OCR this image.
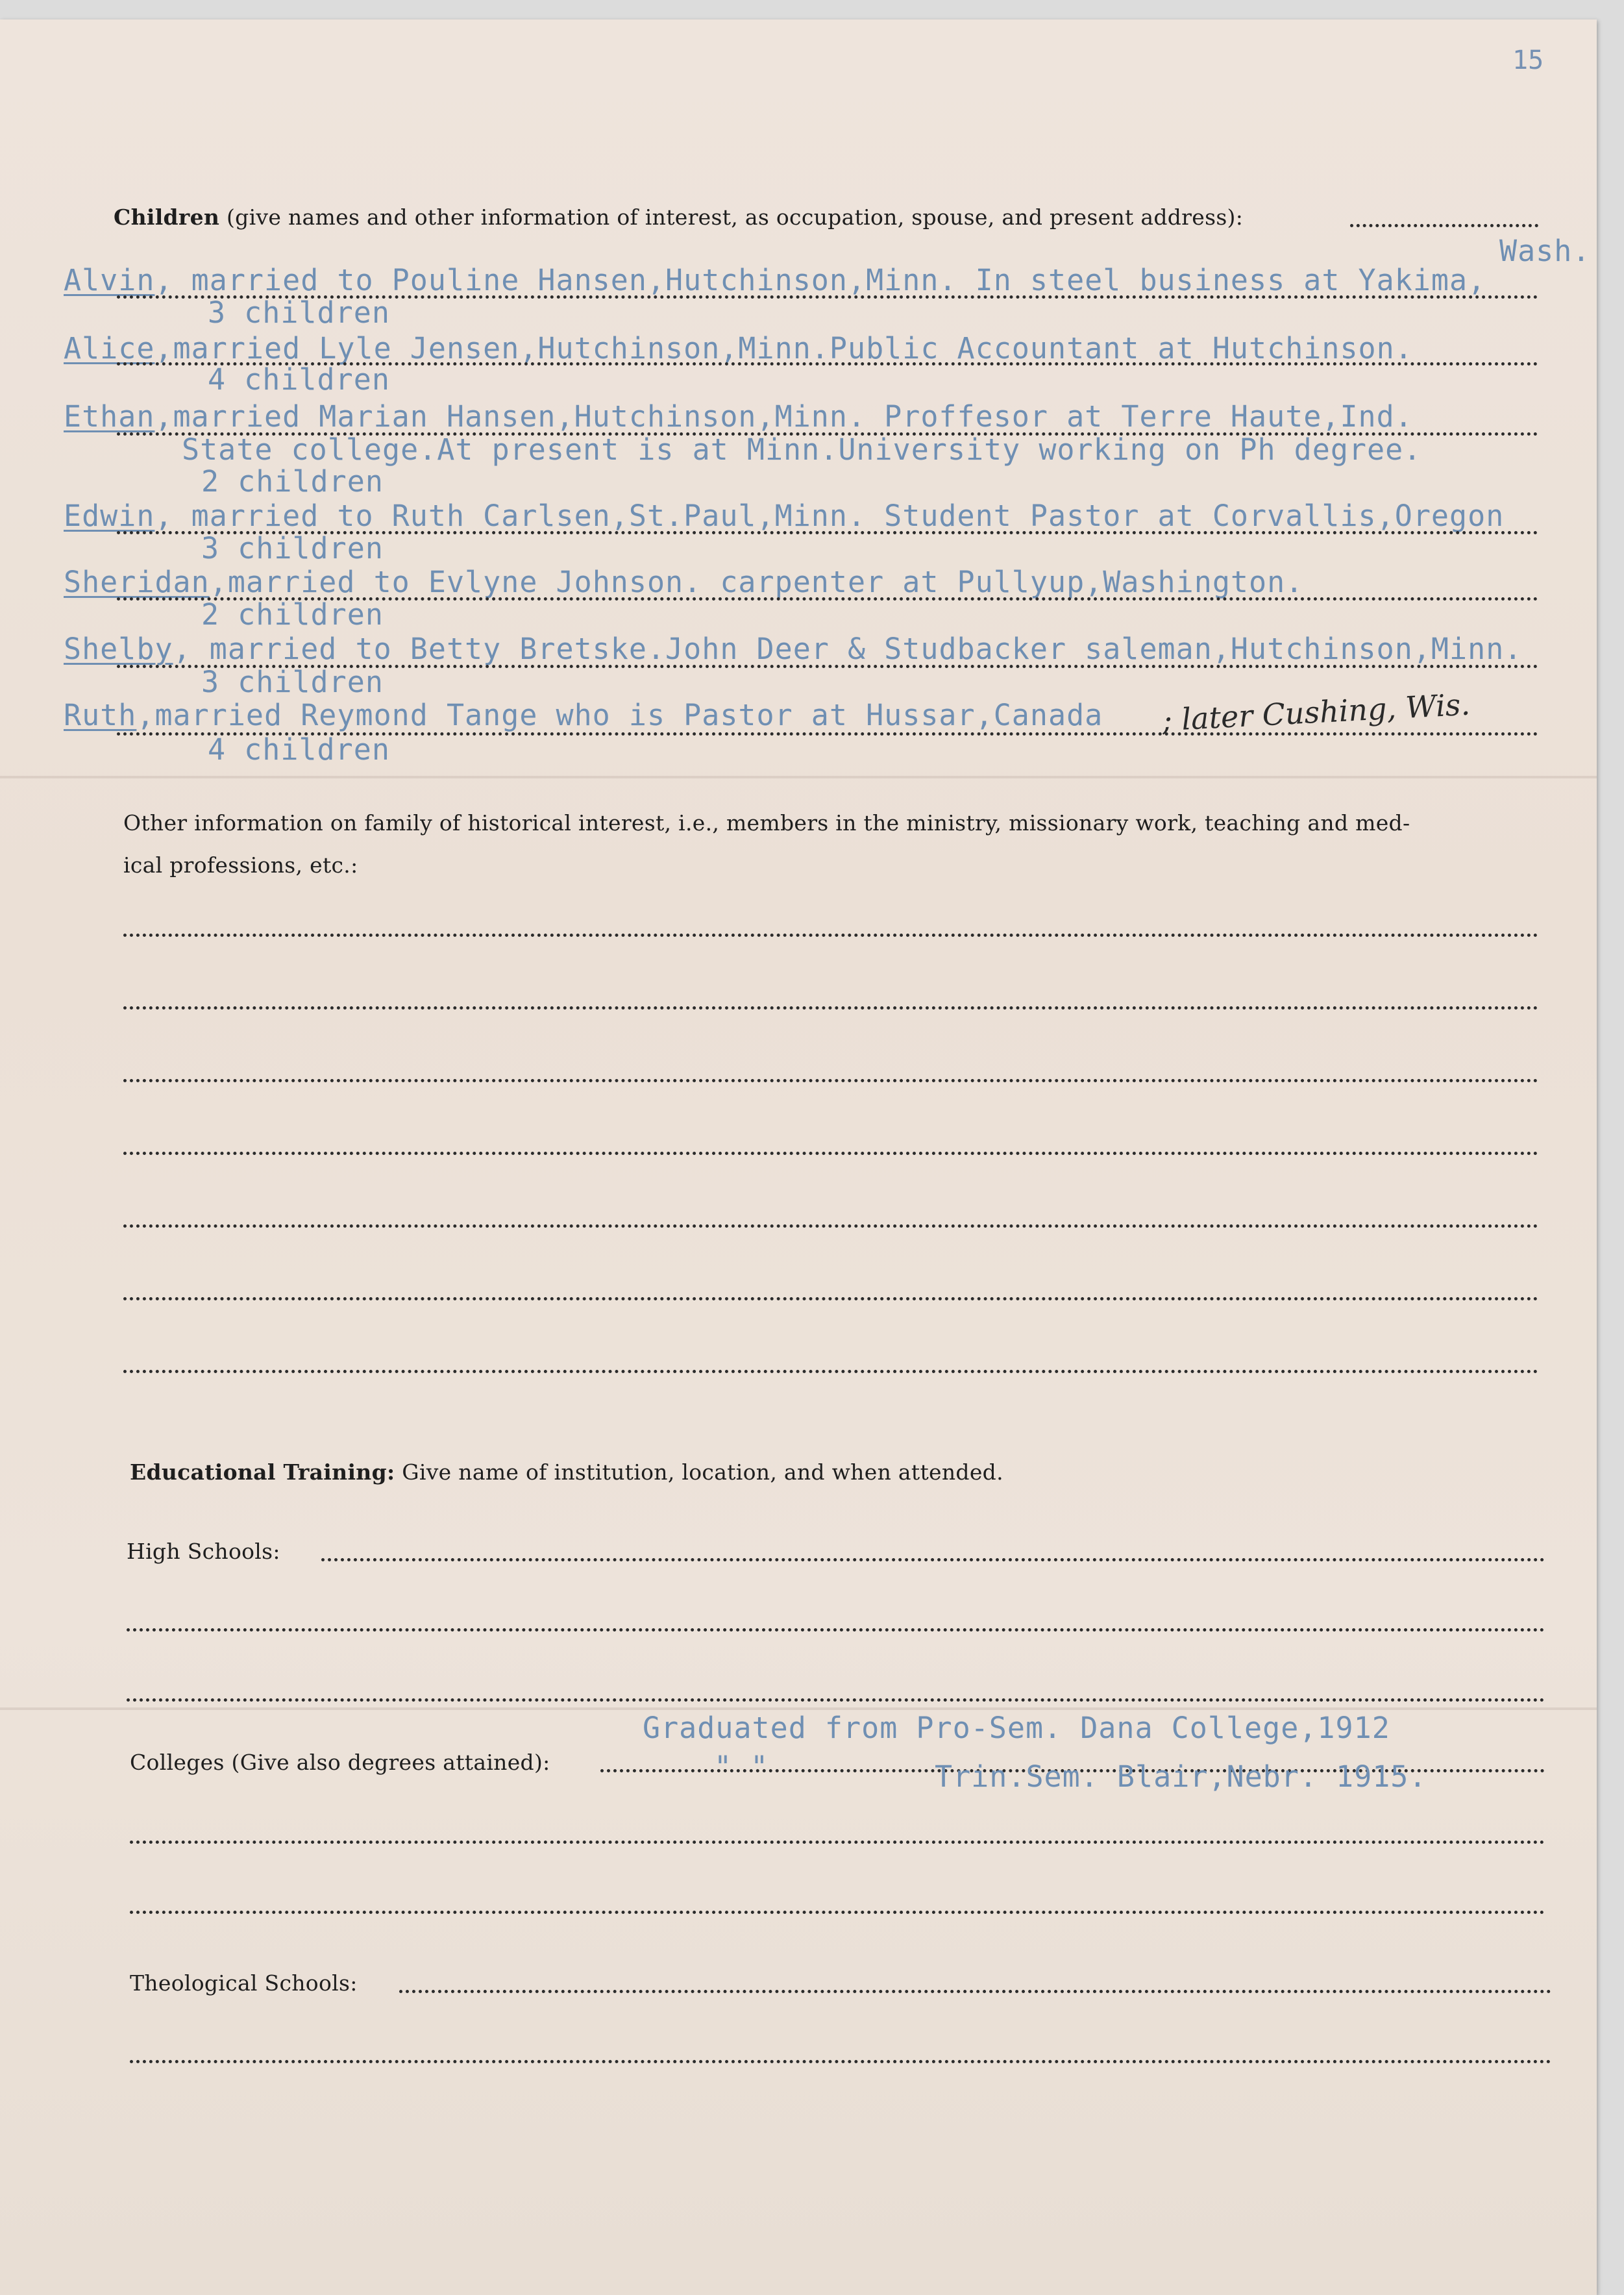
15
Children (give names and other information of interest, as occupation, spouse, and present address):
Wash.
Alvin, married to Pouline Hansen,Hutchinson,Minn. In steel business at Yakima,
3 children
Alice,married Lyle Jensen,Hutchinson,Minn.Public Accountant at Hutchinson.
4 children
Ethan,married Marian Hansen,Hutchinson,Minn. Proffesor at Terre Haute,Ind.
State college.At present is at Minn.University working on Ph degree.
2 children
Edwin, married to Ruth Carlsen,St.Paul,Minn. Student Pastor at Corvallis,Oregon
3 children
Sheridan,married to Evlyne Johnson. carpenter at Pullyup,Washington.
2 children
Shelby, married to Betty Bretske.John Deer & Studbacker saleman,Hutchinson,Minn.
3 children
Ruth,married Reymond Tange who is Pastor at Hussar,Canada ; later Cushing, Wis.
4 children
Other information on family of historical interest, i.e., members in the ministry, missionary work, teaching and med-
ical professions, etc.:
Educational Training: Give name of institution, location, and when attended.
High Schools:
Graduated from Pro-Sem. Dana College,1912
Colleges (Give also degrees attained):	" "	Trin.Sem. Blair,Nebr. 1915.
Theological Schools:
